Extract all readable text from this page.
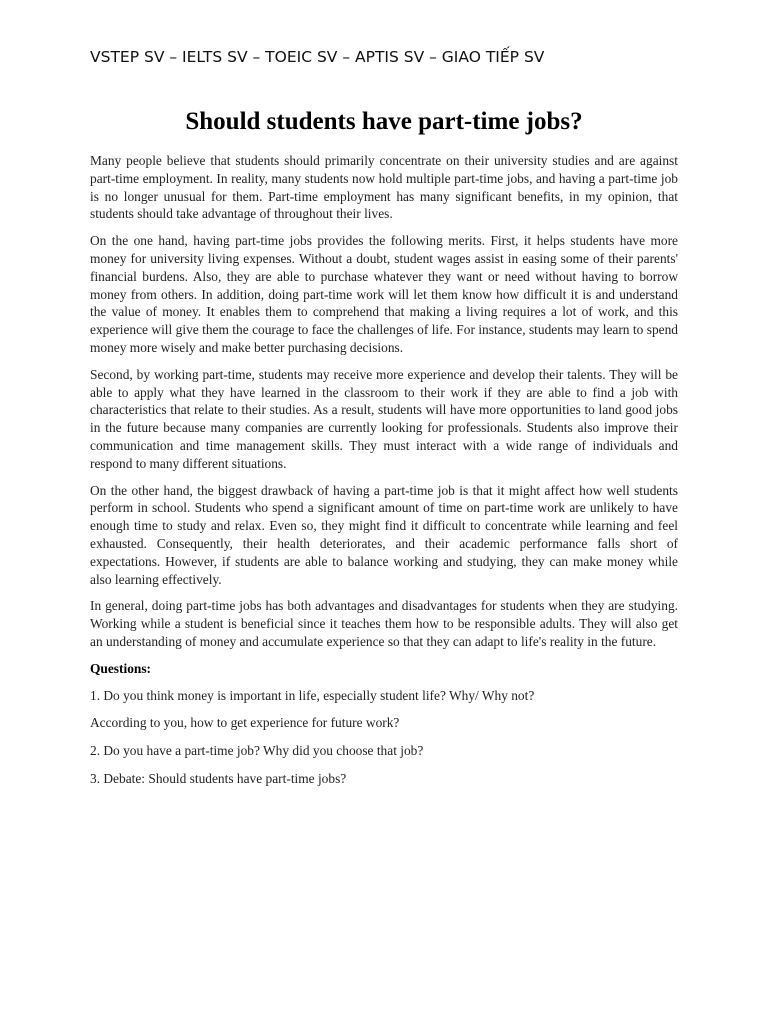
VSTEP SV – IELTS SV – TOEIC SV – APTIS SV – GIAO TIẾP SV
Should students have part-time jobs?

Many people believe that students should primarily concentrate on their university studies and are against part-time employment. In reality, many students now hold multiple part-time jobs, and having a part-time job is no longer unusual for them. Part-time employment has many significant benefits, in my opinion, that students should take advantage of throughout their lives.

On the one hand, having part-time jobs provides the following merits. First, it helps students have more money for university living expenses. Without a doubt, student wages assist in easing some of their parents' financial burdens. Also, they are able to purchase whatever they want or need without having to borrow money from others. In addition, doing part-time work will let them know how difficult it is and understand the value of money. It enables them to comprehend that making a living requires a lot of work, and this experience will give them the courage to face the challenges of life. For instance, students may learn to spend money more wisely and make better purchasing decisions.

Second, by working part-time, students may receive more experience and develop their talents. They will be able to apply what they have learned in the classroom to their work if they are able to find a job with characteristics that relate to their studies. As a result, students will have more opportunities to land good jobs in the future because many companies are currently looking for professionals. Students also improve their communication and time management skills. They must interact with a wide range of individuals and respond to many different situations.

On the other hand, the biggest drawback of having a part-time job is that it might affect how well students perform in school. Students who spend a significant amount of time on part-time work are unlikely to have enough time to study and relax. Even so, they might find it difficult to concentrate while learning and feel exhausted. Consequently, their health deteriorates, and their academic performance falls short of expectations. However, if students are able to balance working and studying, they can make money while also learning effectively.

In general, doing part-time jobs has both advantages and disadvantages for students when they are studying. Working while a student is beneficial since it teaches them how to be responsible adults. They will also get an understanding of money and accumulate experience so that they can adapt to life's reality in the future.

Questions:

1. Do you think money is important in life, especially student life? Why/ Why not?

According to you, how to get experience for future work?

2. Do you have a part-time job? Why did you choose that job?

3. Debate: Should students have part-time jobs?
